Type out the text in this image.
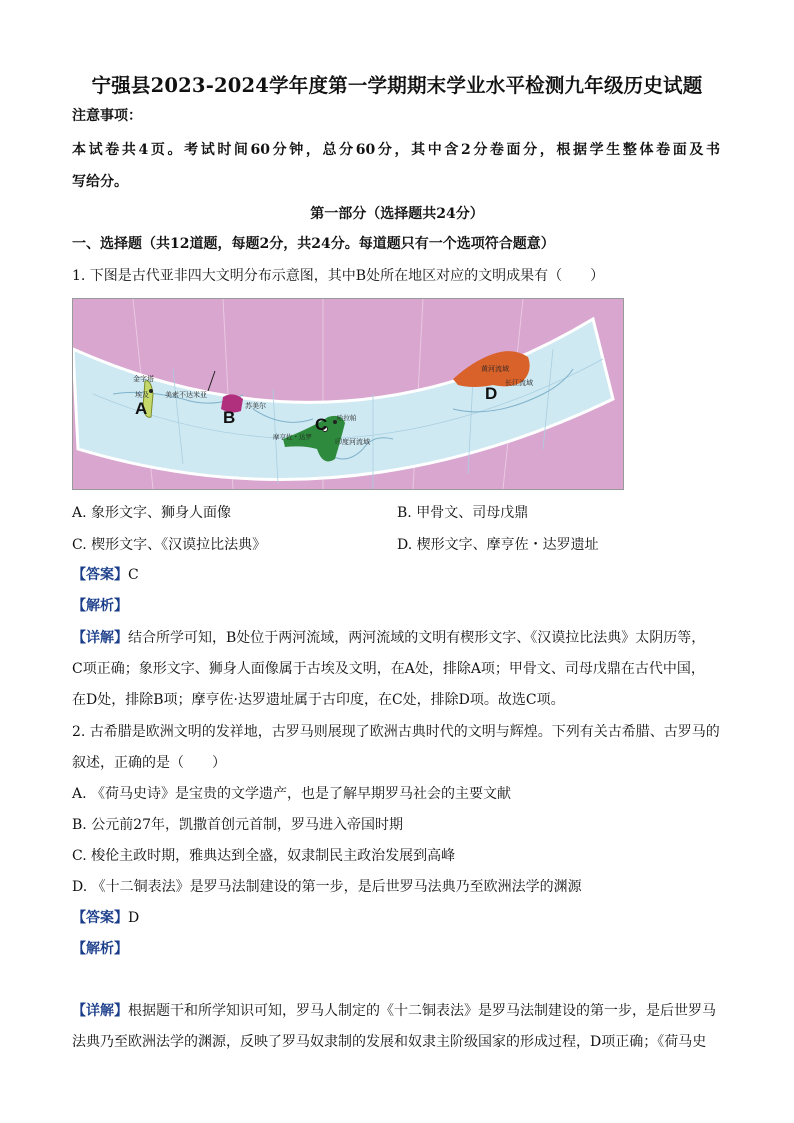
宁强县2023-2024学年度第一学期期末学业水平检测九年级历史试题
注意事项：
本试卷共4页。考试时间60分钟，总分60分，其中含2分卷面分，根据学生整体卷面及书
写给分。
第一部分（选择题共24分）
一、选择题（共12道题，每题2分，共24分。每道题只有一个选项符合题意）
1. 下图是古代亚非四大文明分布示意图，其中B处所在地区对应的文明成果有（　　）
A	B	C
D
金字塔
埃及 美索不达米亚
苏美尔
摩亨佐・达罗
哈拉帕
印度河流域
黄河流域
长江流域
A. 象形文字、狮身人面像	B. 甲骨文、司母戊鼎
C. 楔形文字、《汉谟拉比法典》	D. 楔形文字、摩亨佐・达罗遗址
【答案】C
【解析】
【详解】结合所学可知，B处位于两河流域，两河流域的文明有楔形文字、《汉谟拉比法典》太阴历等，
C项正确；象形文字、狮身人面像属于古埃及文明，在A处，排除A项；甲骨文、司母戊鼎在古代中国，
在D处，排除B项；摩亨佐·达罗遗址属于古印度，在C处，排除D项。故选C项。
2. 古希腊是欧洲文明的发祥地，古罗马则展现了欧洲古典时代的文明与辉煌。下列有关古希腊、古罗马的
叙述，正确的是（　　）
A. 《荷马史诗》是宝贵的文学遗产，也是了解早期罗马社会的主要文献
B. 公元前27年，凯撒首创元首制，罗马进入帝国时期
C. 梭伦主政时期，雅典达到全盛，奴隶制民主政治发展到高峰
D. 《十二铜表法》是罗马法制建设的第一步，是后世罗马法典乃至欧洲法学的渊源
【答案】D
【解析】
【详解】根据题干和所学知识可知，罗马人制定的《十二铜表法》是罗马法制建设的第一步，是后世罗马
法典乃至欧洲法学的渊源，反映了罗马奴隶制的发展和奴隶主阶级国家的形成过程，D项正确；《荷马史
